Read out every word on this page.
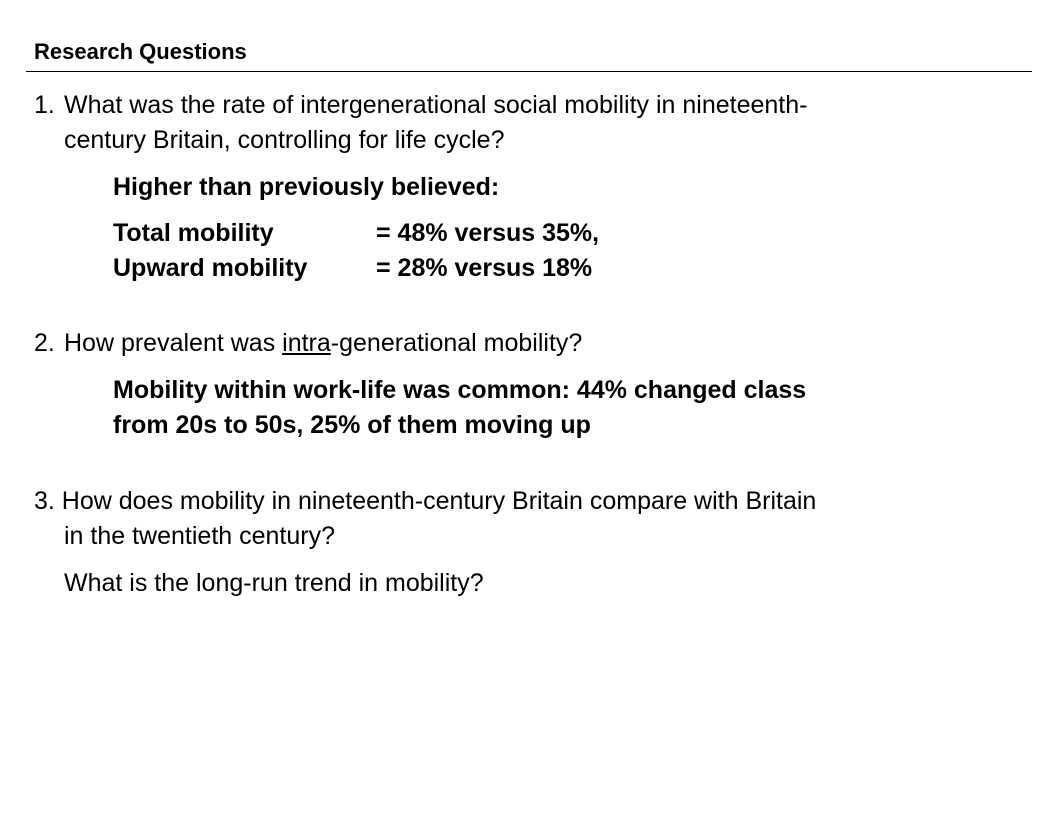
Research Questions
1. What was the rate of intergenerational social mobility in nineteenth-
century Britain, controlling for life cycle?
Higher than previously believed:
Total mobility	= 48% versus 35%,
Upward mobility	= 28% versus 18%
2. How prevalent was intra-generational mobility?
Mobility within work-life was common: 44% changed class
from 20s to 50s, 25% of them moving up
3. How does mobility in nineteenth-century Britain compare with Britain
in the twentieth century?
What is the long-run trend in mobility?
